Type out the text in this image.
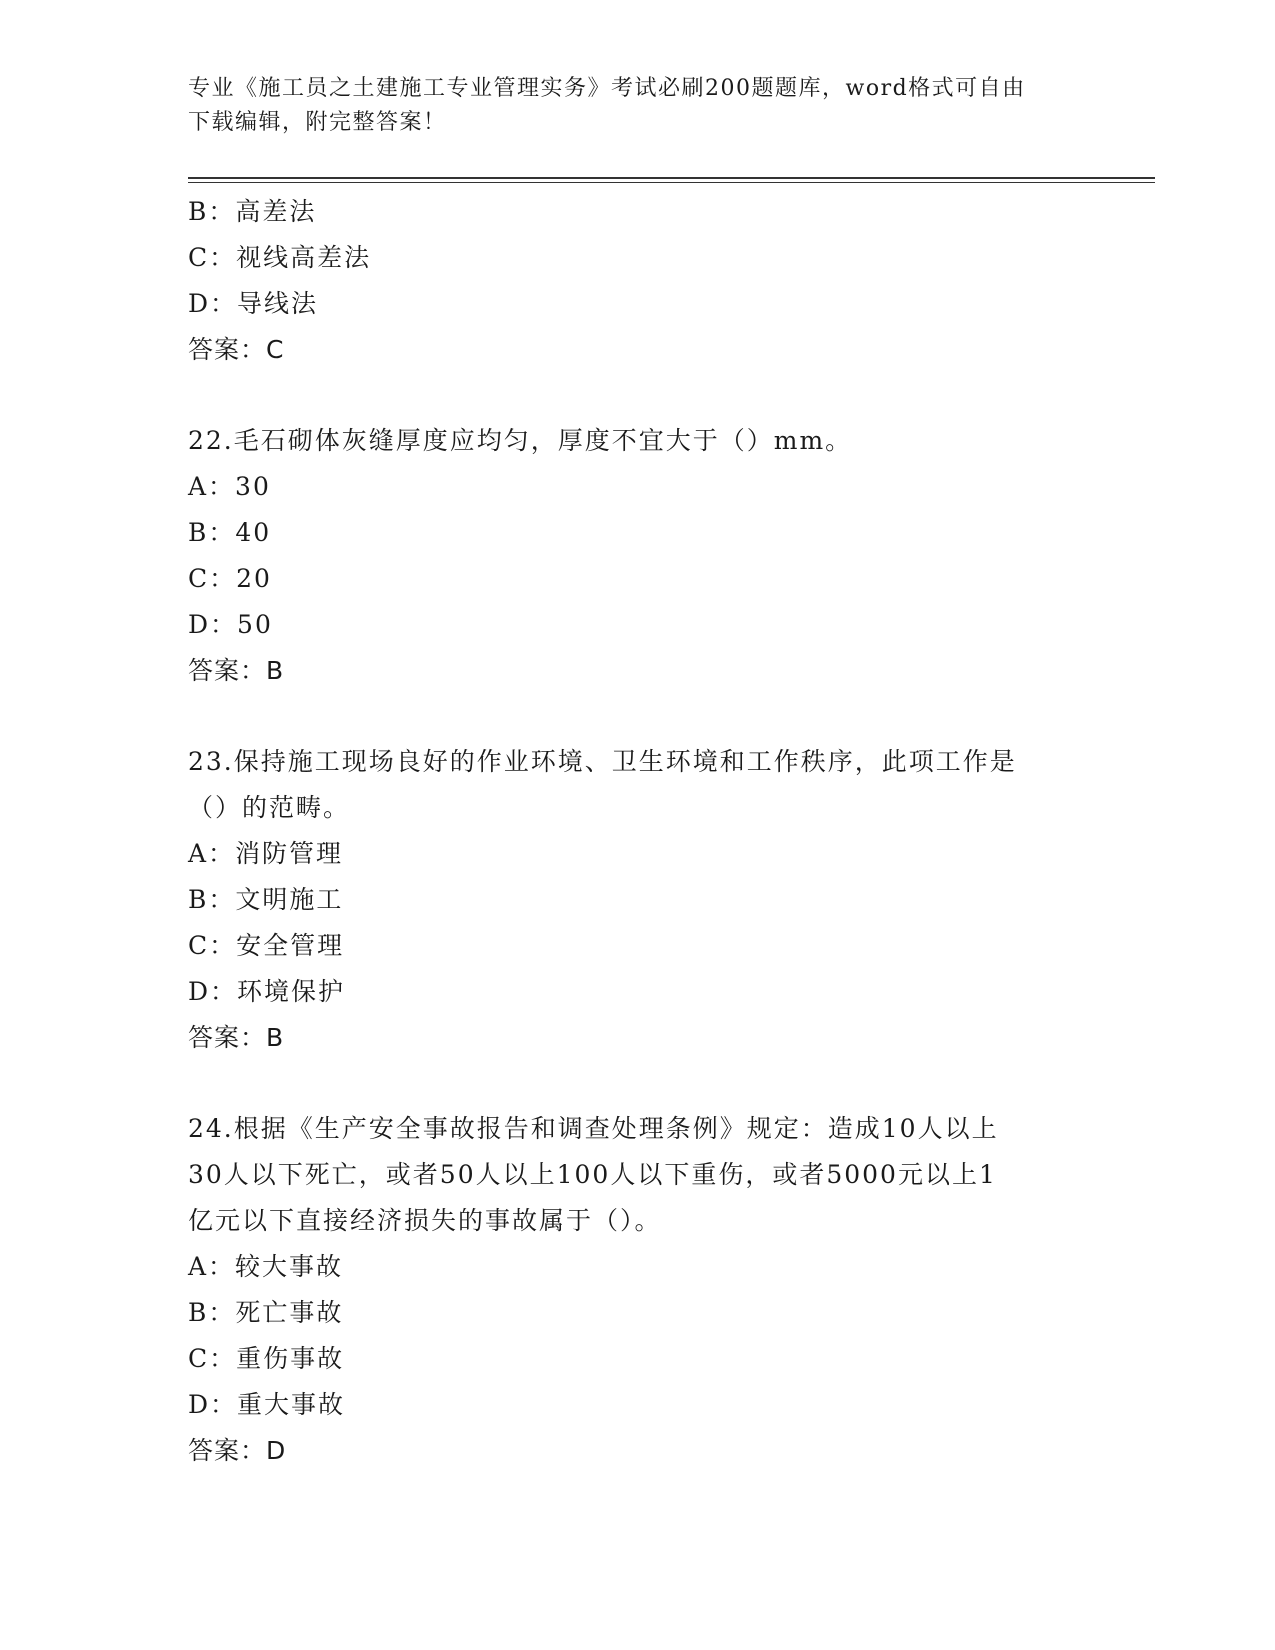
专业《施工员之土建施工专业管理实务》考试必刷200题题库，word格式可自由
下载编辑，附完整答案！
B：高差法
C：视线高差法
D：导线法
答案：C
22.毛石砌体灰缝厚度应均匀，厚度不宜大于（）mm。
A：30
B：40
C：20
D：50
答案：B
23.保持施工现场良好的作业环境、卫生环境和工作秩序，此项工作是
（）的范畴。
A：消防管理
B：文明施工
C：安全管理
D：环境保护
答案：B
24.根据《生产安全事故报告和调查处理条例》规定：造成10人以上
30人以下死亡，或者50人以上100人以下重伤，或者5000元以上1
亿元以下直接经济损失的事故属于（）。
A：较大事故
B：死亡事故
C：重伤事故
D：重大事故
答案：D
